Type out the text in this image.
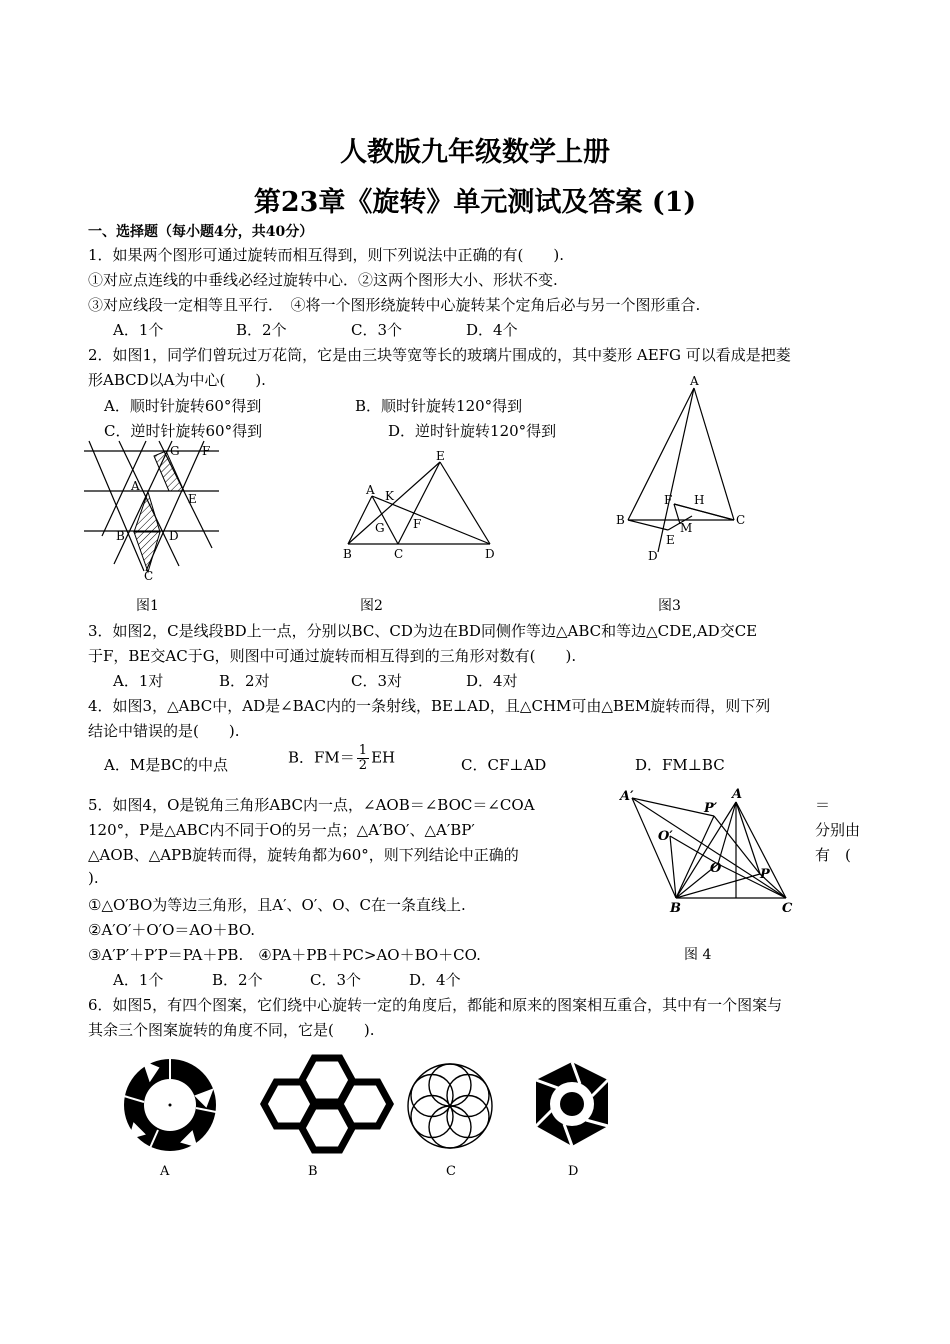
人教版九年级数学上册
第23章《旋转》单元测试及答案 (1)
一、选择题（每小题4分，共40分）
1．如果两个图形可通过旋转而相互得到，则下列说法中正确的有(　　).
①对应点连线的中垂线必经过旋转中心．②这两个图形大小、形状不变.
③对应线段一定相等且平行．　④将一个图形绕旋转中心旋转某个定角后必与另一个图形重合.
A．1个	B．2个	C．3个	D．4个
2．如图1，同学们曾玩过万花筒，它是由三块等宽等长的玻璃片围成的，其中菱形 AEFG 可以看成是把菱
形ABCD以A为中心(　　).
A．顺时针旋转60°得到	B．顺时针旋转120°得到
C．逆时针旋转60°得到	D．逆时针旋转120°得到
G F
A
E
B	D
C
E
A K
G F
B	C	D
A
F H
B
M
C
E
D
图1	图2	图3
3．如图2，C是线段BD上一点，分别以BC、CD为边在BD同侧作等边△ABC和等边△CDE,AD交CE
于F，BE交AC于G，则图中可通过旋转而相互得到的三角形对数有(　　).
A．1对	B．2对	C．3对	D．4对
4．如图3，△ABC中，AD是∠BAC内的一条射线，BE⊥AD，且△CHM可由△BEM旋转而得，则下列
结论中错误的是(　　).
A．M是BC的中点	B．$FM= \frac{1}{2}$ EH	C．CF⊥AD	D．FM⊥BC
5．如图4，O是锐角三角形ABC内一点，∠AOB＝∠BOC＝∠COA	＝
120°，P是△ABC内不同于O的另一点；△A′BO′、△A′BP′	分别由
△AOB、△APB旋转而得，旋转角都为60°，则下列结论中正确的	有　(
).
①△O′BO为等边三角形，且A′、O′、O、C在一条直线上.
②A′O′＋O′O＝AO＋BO.
③A′P′＋P′P＝PA＋PB.　④PA＋PB＋PC>AO＋BO＋CO.
A．1个	B．2个	C．3个	D．4个
A′
P′
A
O′
O	P
B	C
图 4
6．如图5，有四个图案，它们绕中心旋转一定的角度后，都能和原来的图案相互重合，其中有一个图案与
其余三个图案旋转的角度不同，它是(　　).
A	B	C	D
